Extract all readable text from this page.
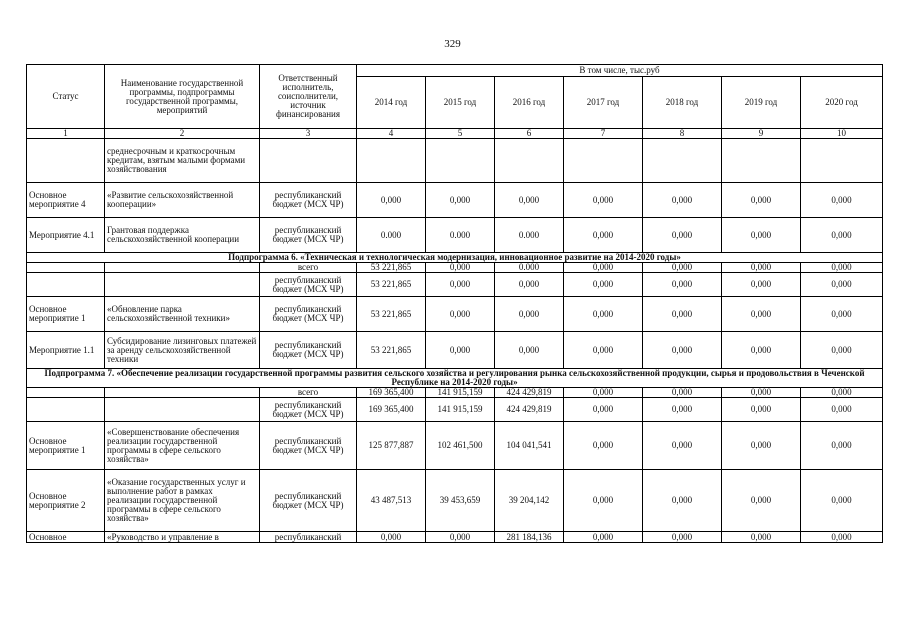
329
Статус	Наименование государственной программы, подпрограммы государственной программы, мероприятий	Ответственный исполнитель, соисполнители, источник финансирования	В том числе, тыс.руб						
			2014 год	2015 год	2016 год	2017 год	2018 год	2019 год	2020 год
1	2	3	4	5	6	7	8	9	10
	среднесрочным и краткосрочным кредитам, взятым малыми формами хозяйствования								
Основное мероприятие 4	«Развитие сельскохозяйственной кооперации»	республиканский бюджет (МСХ ЧР)	0,000	0,000	0,000	0,000	0,000	0,000	0,000
Мероприятие 4.1	Грантовая поддержка сельскохозяйственной кооперации	республиканский бюджет (МСХ ЧР)	0.000	0.000	0.000	0,000	0,000	0,000	0,000
Подпрограмма 6. «Техническая и технологическая модернизация, инновационное развитие на 2014-2020 годы»									
		всего	53 221,865	0,000	0.000	0,000	0,000	0,000	0,000
		республиканский бюджет (МСХ ЧР)	53 221,865	0,000	0,000	0,000	0,000	0,000	0,000
Основное мероприятие 1	«Обновление парка сельскохозяйственной техники»	республиканский бюджет (МСХ ЧР)	53 221,865	0,000	0,000	0,000	0,000	0,000	0,000
Мероприятие 1.1	Субсидирование лизинговых платежей за аренду сельскохозяйственной техники	республиканский бюджет (МСХ ЧР)	53 221,865	0,000	0,000	0,000	0,000	0,000	0,000
Подпрограмма 7. «Обеспечение реализации государственной программы развития сельского хозяйства и регулирования рынка сельскохозяйственной продукции, сырья и продовольствия в Чеченской Республике на 2014-2020 годы»									
		всего	169 365,400	141 915,159	424 429,819	0,000	0,000	0,000	0,000
		республиканский бюджет (МСХ ЧР)	169 365,400	141 915,159	424 429,819	0,000	0,000	0,000	0,000
Основное мероприятие 1	«Совершенствование обеспечения реализации государственной программы в сфере сельского хозяйства»	республиканский бюджет (МСХ ЧР)	125 877,887	102 461,500	104 041,541	0,000	0,000	0,000	0,000
Основное мероприятие 2	«Оказание государственных услуг и выполнение работ в рамках реализации государственной программы в сфере сельского хозяйства»	республиканский бюджет (МСХ ЧР)	43 487,513	39 453,659	39 204,142	0,000	0,000	0,000	0,000
Основное	«Руководство и управление в	республиканский	0,000	0,000	281 184,136	0,000	0,000	0,000	0,000
